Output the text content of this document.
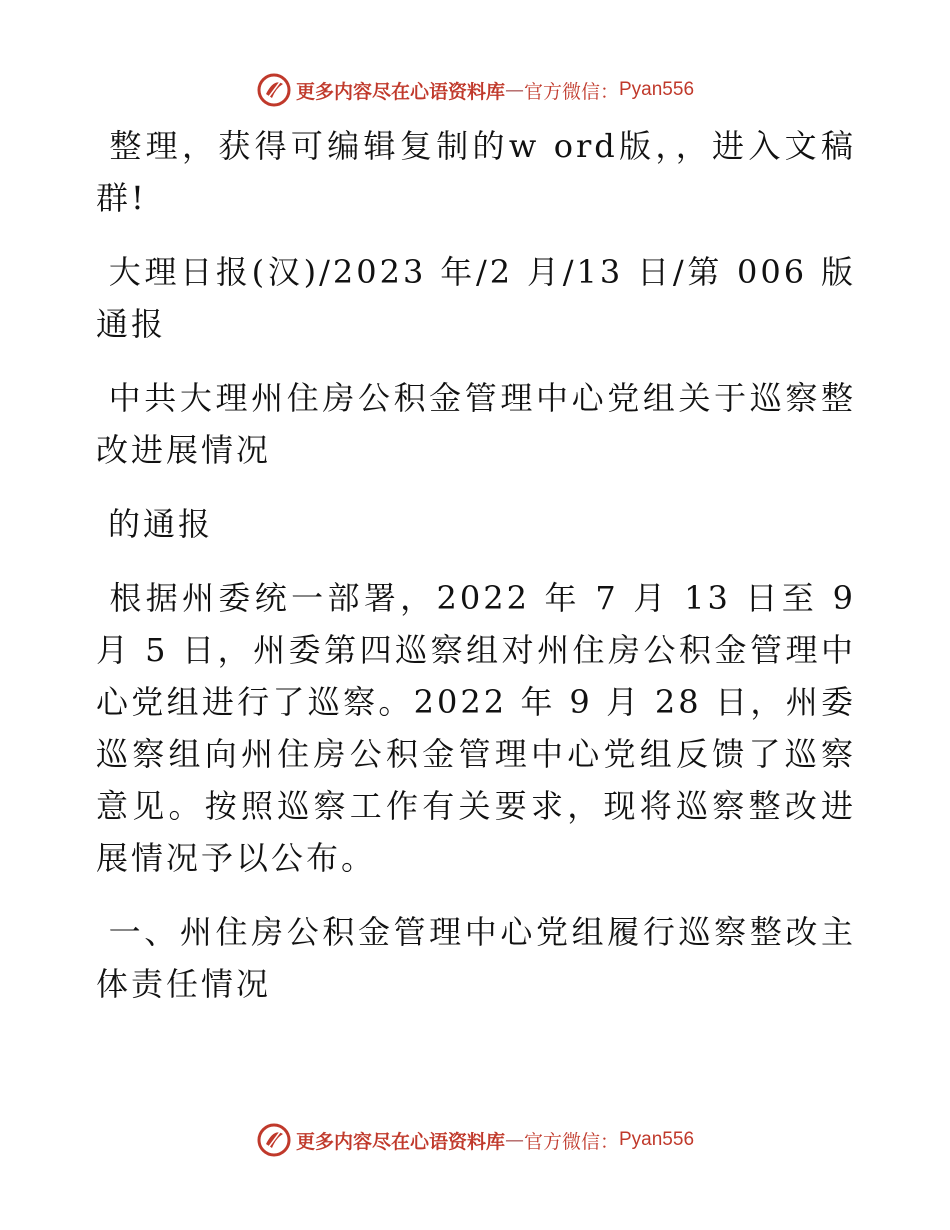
更多内容尽在心语资料库 — 官方微信： Pyan556

整理，获得可编辑复制的w ord版，，进入文稿群!

大理日报(汉)/2023 年/2 月/13 日/第 006 版通报

中共大理州住房公积金管理中心党组关于巡察整改进展情况

的通报

根据州委统一部署，2022 年 7 月 13 日至 9 月 5 日，州委第四巡察组对州住房公积金管理中心党组进行了巡察。2022 年 9 月 28 日，州委巡察组向州住房公积金管理中心党组反馈了巡察意见。按照巡察工作有关要求，现将巡察整改进展情况予以公布。

一、州住房公积金管理中心党组履行巡察整改主体责任情况

更多内容尽在心语资料库 — 官方微信： Pyan556
